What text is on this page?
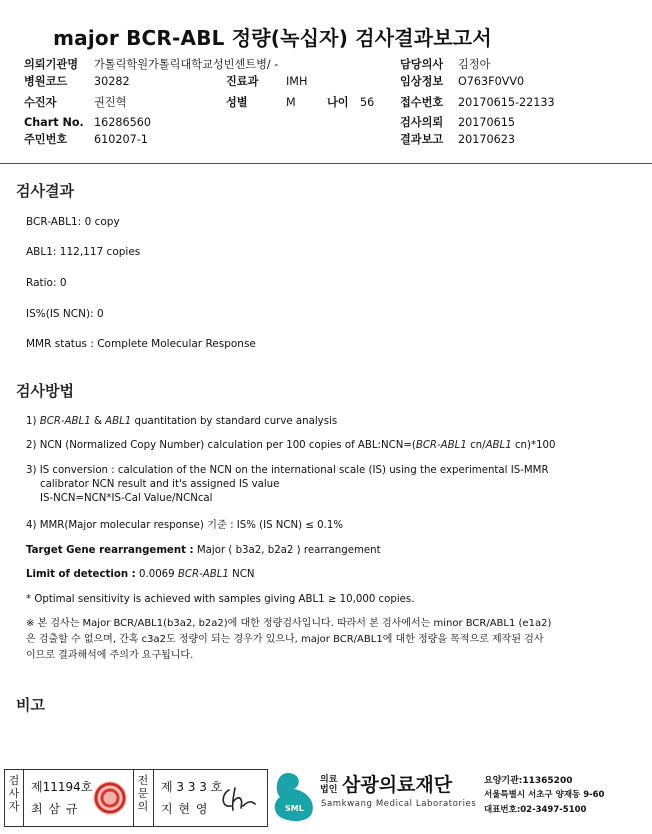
major BCR-ABL 정량(녹십자) 검사결과보고서
의뢰기관명 가톨릭학원가톨릭대학교성빈센트병/ -
병원코드 30282
수진자	권진혁
Chart No. 16286560
주민번호 610207-1
진료과 IMH
성별	M	나이 56
담당의사 김정아
임상정보 O763F0VV0
접수번호 20170615-22133
검사의뢰 20170615
결과보고 20170623
검사결과
BCR-ABL1: 0 copy
ABL1: 112,117 copies
Ratio: 0
IS%(IS NCN): 0
MMR status : Complete Molecular Response
검사방법
1) BCR-ABL1 & ABL1 quantitation by standard curve analysis
2) NCN (Normalized Copy Number) calculation per 100 copies of ABL:NCN=(BCR-ABL1 cn/ABL1 cn)*100
3) IS conversion : calculation of the NCN on the international scale (IS) using the experimental IS-MMR
calibrator NCN result and it's assigned IS value
IS-NCN=NCN*IS-Cal Value/NCNcal
4) MMR(Major molecular response) 기준 : IS% (IS NCN) ≤ 0.1%
Target Gene rearrangement : Major ( b3a2, b2a2 ) rearrangement
Limit of detection : 0.0069 BCR-ABL1 NCN
* Optimal sensitivity is achieved with samples giving ABL1 ≥ 10,000 copies.
※ 본 검사는 Major BCR/ABL1(b3a2, b2a2)에 대한 정량검사입니다. 따라서 본 검사에서는 minor BCR/ABL1 (e1a2)
은 검출할 수 없으며, 간혹 c3a2도 정량이 되는 경우가 있으나, major BCR/ABL1에 대한 정량을 목적으로 제작된 검사
이므로 결과해석에 주의가 요구됩니다.
비고
검
사
자
제11194호
최 삼 규
전
문
의
제 3 3 3 호
지 현 영	SML
의료
법인 삼광의료재단
Samkwang Medical Laboratories
요양기관:11365200
서울특별시 서초구 양재동 9-60
대표번호:02-3497-5100
